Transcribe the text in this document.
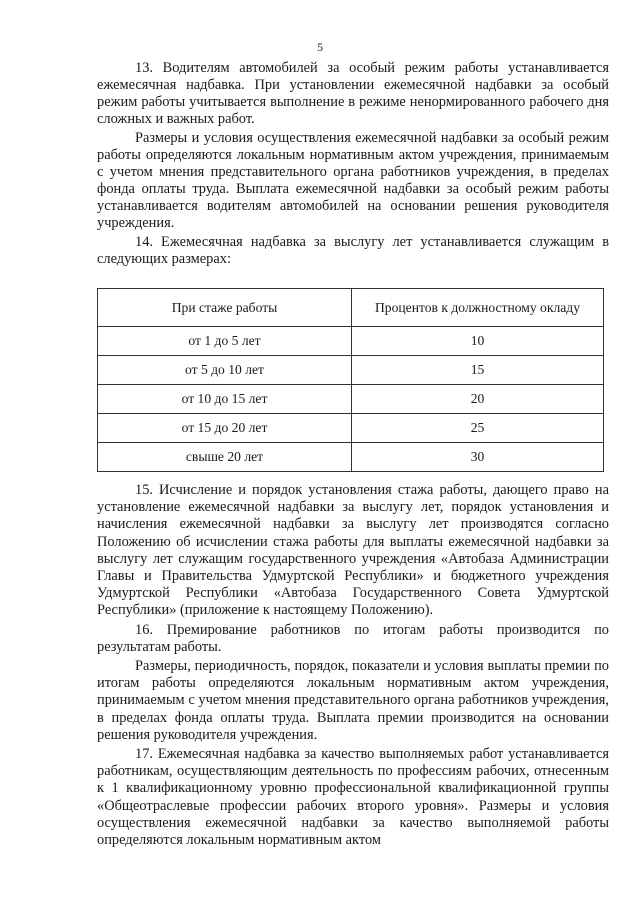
5

13. Водителям автомобилей за особый режим работы устанавливается ежемесячная надбавка. При установлении ежемесячной надбавки за особый режим работы учитывается выполнение в режиме ненормированного рабочего дня сложных и важных работ.

Размеры и условия осуществления ежемесячной надбавки за особый режим работы определяются локальным нормативным актом учреждения, принимаемым с учетом мнения представительного органа работников учреждения, в пределах фонда оплаты труда. Выплата ежемесячной надбавки за особый режим работы устанавливается водителям автомобилей на основании решения руководителя учреждения.

14. Ежемесячная надбавка за выслугу лет устанавливается служащим в следующих размерах:

При стаже работы	Процентов к должностному окладу
от 1 до 5 лет	10
от 5 до 10 лет	15
от 10 до 15 лет	20
от 15 до 20 лет	25
свыше 20 лет	30

15. Исчисление и порядок установления стажа работы, дающего право на установление ежемесячной надбавки за выслугу лет, порядок установления и начисления ежемесячной надбавки за выслугу лет производятся согласно Положению об исчислении стажа работы для выплаты ежемесячной надбавки за выслугу лет служащим государственного учреждения «Автобаза Администрации Главы и Правительства Удмуртской Республики» и бюджетного учреждения Удмуртской Республики «Автобаза Государственного Совета Удмуртской Республики» (приложение к настоящему Положению).

16. Премирование работников по итогам работы производится по результатам работы.

Размеры, периодичность, порядок, показатели и условия выплаты премии по итогам работы определяются локальным нормативным актом учреждения, принимаемым с учетом мнения представительного органа работников учреждения, в пределах фонда оплаты труда. Выплата премии производится на основании решения руководителя учреждения.

17. Ежемесячная надбавка за качество выполняемых работ устанавливается работникам, осуществляющим деятельность по профессиям рабочих, отнесенным к 1 квалификационному уровню профессиональной квалификационной группы «Общеотраслевые профессии рабочих второго уровня». Размеры и условия осуществления ежемесячной надбавки за качество выполняемой работы определяются локальным нормативным актом
